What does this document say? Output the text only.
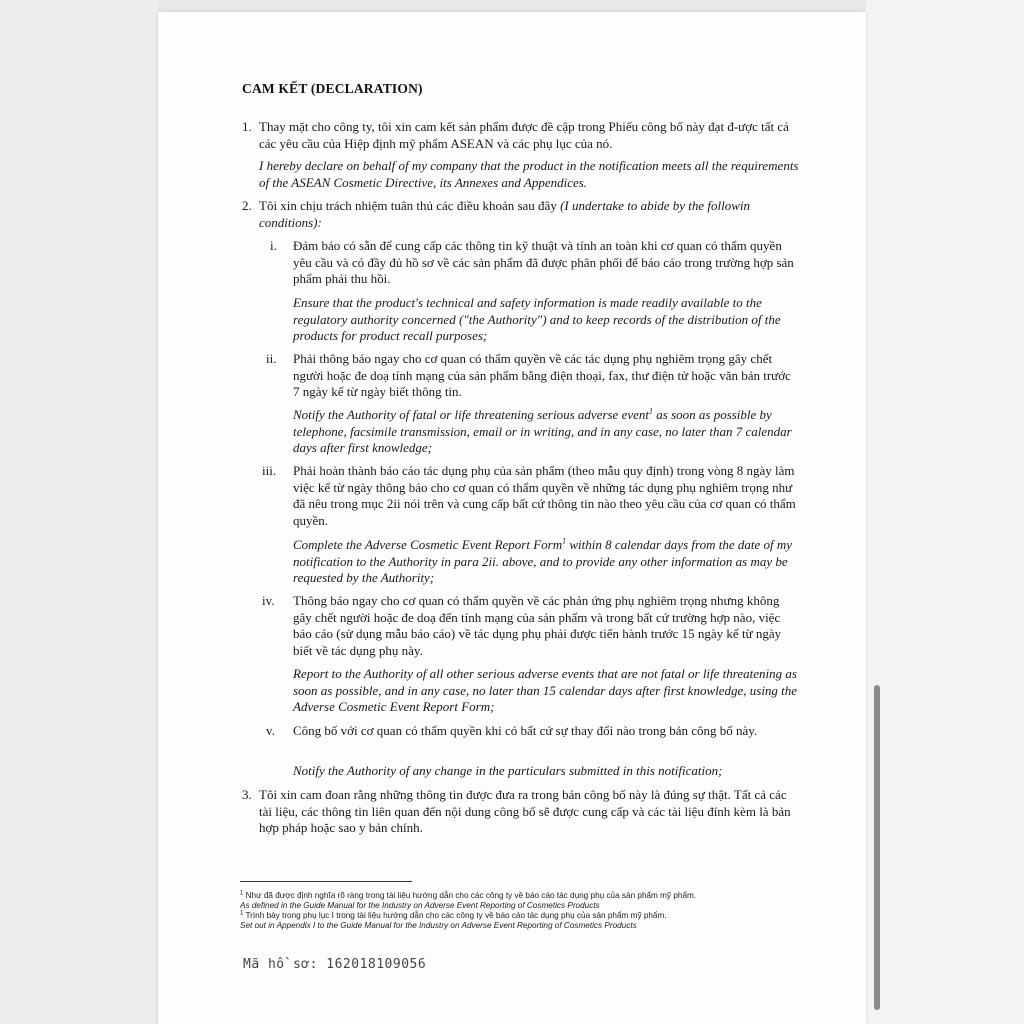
CAM KẾT (DECLARATION)
1. Thay mặt cho công ty, tôi xin cam kết sản phẩm được đề cập trong Phiếu công bố này đạt đ-ược tất cả các yêu cầu của Hiệp định mỹ phẩm ASEAN và các phụ lục của nó.
I hereby declare on behalf of my company that the product in the notification meets all the requirements of the ASEAN Cosmetic Directive, its Annexes and Appendices.
2. Tôi xin chịu trách nhiệm tuân thủ các điều khoản sau đây (I undertake to abide by the followin conditions):
i. Đảm bảo có sẵn để cung cấp các thông tin kỹ thuật và tính an toàn khi cơ quan có thẩm quyền yêu cầu và có đầy đủ hồ sơ về các sản phẩm đã được phân phối để báo cáo trong trường hợp sản phẩm phải thu hồi.
Ensure that the product's technical and safety information is made readily available to the regulatory authority concerned ("the Authority") and to keep records of the distribution of the products for product recall purposes;
ii. Phải thông báo ngay cho cơ quan có thẩm quyền về các tác dụng phụ nghiêm trọng gây chết người hoặc đe doạ tính mạng của sản phẩm bằng điện thoại, fax, thư điện tử hoặc văn bản trước 7 ngày kể từ ngày biết thông tin.
Notify the Authority of fatal or life threatening serious adverse event$^1$ as soon as possible by telephone, facsimile transmission, email or in writing, and in any case, no later than 7 calendar days after first knowledge;
iii. Phải hoàn thành báo cáo tác dụng phụ của sản phẩm (theo mẫu quy định) trong vòng 8 ngày làm việc kể từ ngày thông báo cho cơ quan có thẩm quyền về những tác dụng phụ nghiêm trọng như đã nêu trong mục 2ii nói trên và cung cấp bất cứ thông tin nào theo yêu cầu của cơ quan có thẩm quyền.
Complete the Adverse Cosmetic Event Report Form$^1$ within 8 calendar days from the date of my notification to the Authority in para 2ii. above, and to provide any other information as may be requested by the Authority;
iv. Thông báo ngay cho cơ quan có thẩm quyền về các phản ứng phụ nghiêm trọng nhưng không gây chết người hoặc đe doạ đến tính mạng của sản phẩm và trong bất cứ trường hợp nào, việc báo cáo (sử dụng mẫu báo cáo) về tác dụng phụ phải được tiến hành trước 15 ngày kể từ ngày biết về tác dụng phụ này.
Report to the Authority of all other serious adverse events that are not fatal or life threatening as soon as possible, and in any case, no later than 15 calendar days after first knowledge, using the Adverse Cosmetic Event Report Form;
v. Công bố với cơ quan có thẩm quyền khi có bất cứ sự thay đổi nào trong bản công bố này.
Notify the Authority of any change in the particulars submitted in this notification;
3. Tôi xin cam đoan rằng những thông tin được đưa ra trong bản công bố này là đúng sự thật. Tất cả các tài liệu, các thông tin liên quan đến nội dung công bố sẽ được cung cấp và các tài liệu đính kèm là bản hợp pháp hoặc sao y bản chính.
$^1$ Như đã được định nghĩa rõ ràng trong tài liệu hướng dẫn cho các công ty về báo cáo tác dụng phụ của sản phẩm mỹ phẩm.
As defined in the Guide Manual for the Industry on Adverse Event Reporting of Cosmetics Products
$^1$ Trình bày trong phụ lục I trong tài liệu hướng dẫn cho các công ty về báo cáo tác dụng phụ của sản phẩm mỹ phẩm.
Set out in Appendix I to the Guide Manual for the Industry on Adverse Event Reporting of Cosmetics Products
Mã hồ sơ: 162018109056
